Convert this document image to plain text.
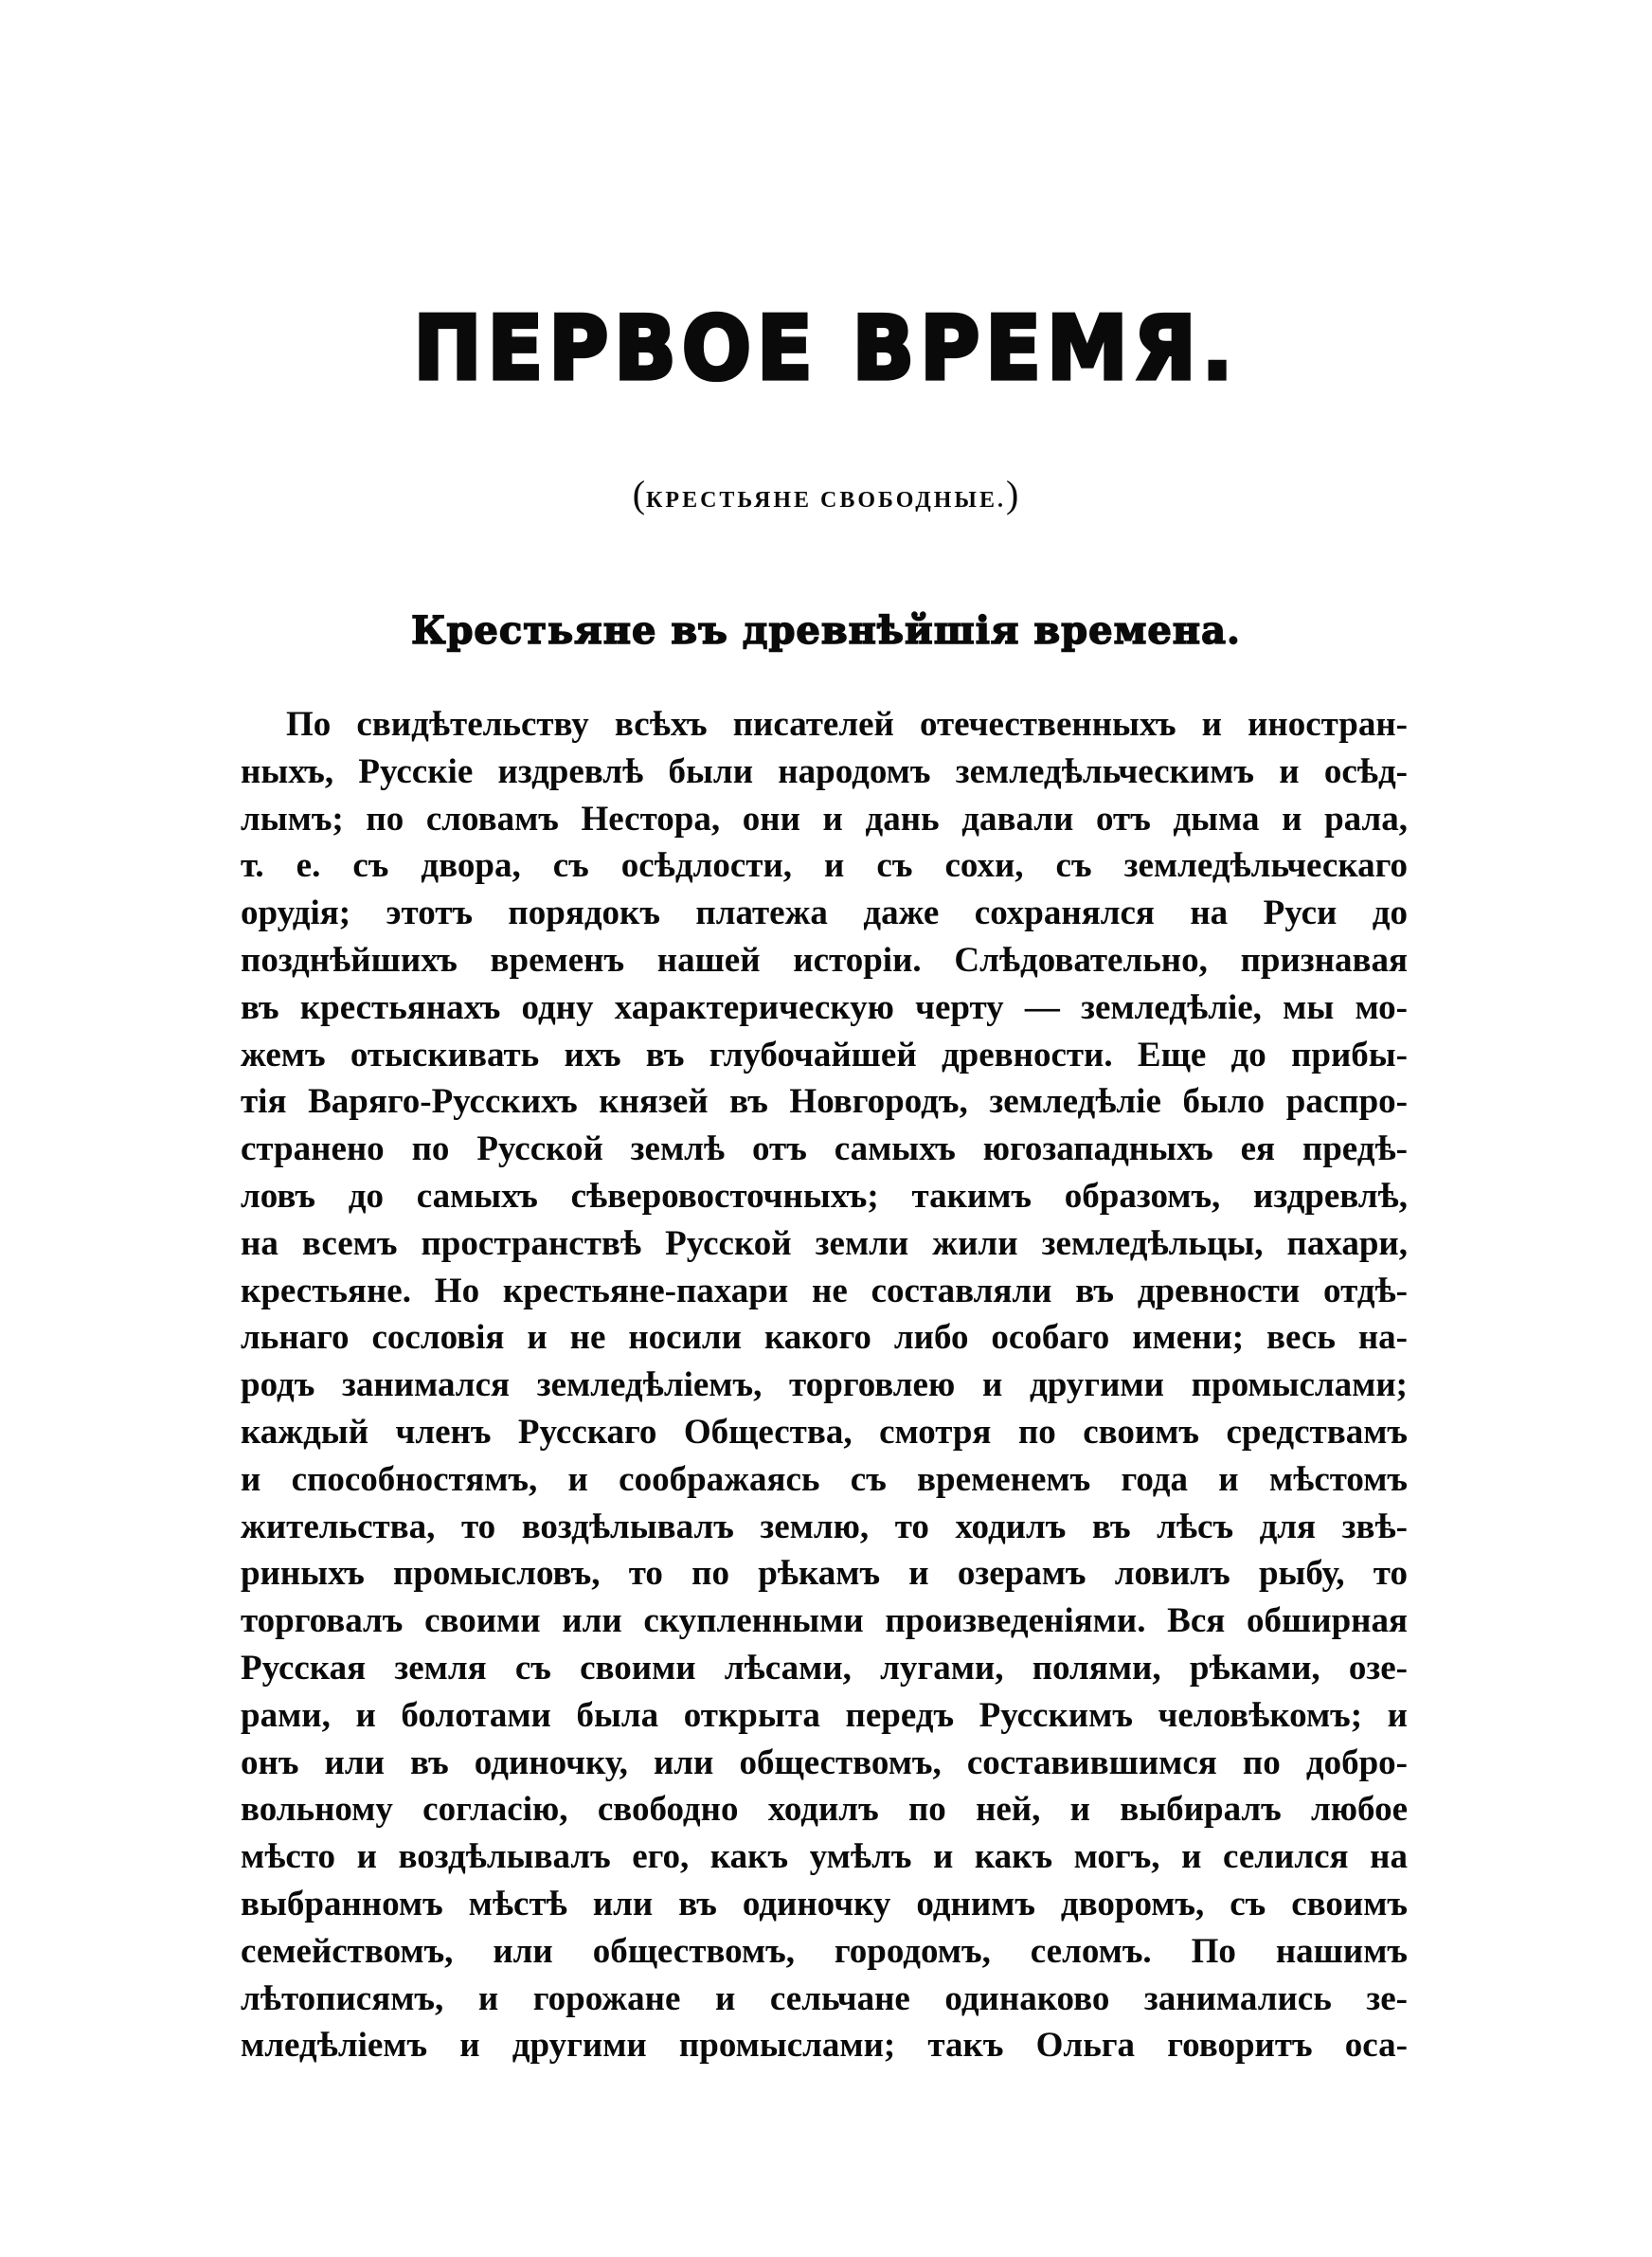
ПЕРВОЕ ВРЕМЯ.
(КРЕСТЬЯНЕ СВОБОДНЫЕ.)
Крестьяне въ древнѣйшія времена.
По свидѣтельству всѣхъ писателей отечественныхъ и иностран-
ныхъ, Русскіе издревлѣ были народомъ земледѣльческимъ и осѣд-
лымъ; по словамъ Нестора, они и дань давали отъ дыма и рала,
т. е. съ двора, съ осѣдлости, и съ сохи, съ земледѣльческаго
орудія; этотъ порядокъ платежа даже сохранялся на Руси до
позднѣйшихъ временъ нашей исторіи. Слѣдовательно, признавая
въ крестьянахъ одну характерическую черту — земледѣліе, мы мо-
жемъ отыскивать ихъ въ глубочайшей древности. Еще до прибы-
тія Варяго-Русскихъ князей въ Новгородъ, земледѣліе было распро-
странено по Русской землѣ отъ самыхъ югозападныхъ ея предѣ-
ловъ до самыхъ сѣверовосточныхъ; такимъ образомъ, издревлѣ,
на всемъ пространствѣ Русской земли жили земледѣльцы, пахари,
крестьяне. Но крестьяне-пахари не составляли въ древности отдѣ-
льнаго сословія и не носили какого либо особаго имени; весь на-
родъ занимался земледѣліемъ, торговлею и другими промыслами;
каждый членъ Русскаго Общества, смотря по своимъ средствамъ
и способностямъ, и соображаясь съ временемъ года и мѣстомъ
жительства, то воздѣлывалъ землю, то ходилъ въ лѣсъ для звѣ-
риныхъ промысловъ, то по рѣкамъ и озерамъ ловилъ рыбу, то
торговалъ своими или скупленными произведеніями. Вся обширная
Русская земля съ своими лѣсами, лугами, полями, рѣками, озе-
рами, и болотами была открыта передъ Русскимъ человѣкомъ; и
онъ или въ одиночку, или обществомъ, составившимся по добро-
вольному согласію, свободно ходилъ по ней, и выбиралъ любое
мѣсто и воздѣлывалъ его, какъ умѣлъ и какъ могъ, и селился на
выбранномъ мѣстѣ или въ одиночку однимъ дворомъ, съ своимъ
семействомъ, или обществомъ, городомъ, селомъ. По нашимъ
лѣтописямъ, и горожане и сельчане одинаково занимались зе-
мледѣліемъ и другими промыслами; такъ Ольга говоритъ оса-
